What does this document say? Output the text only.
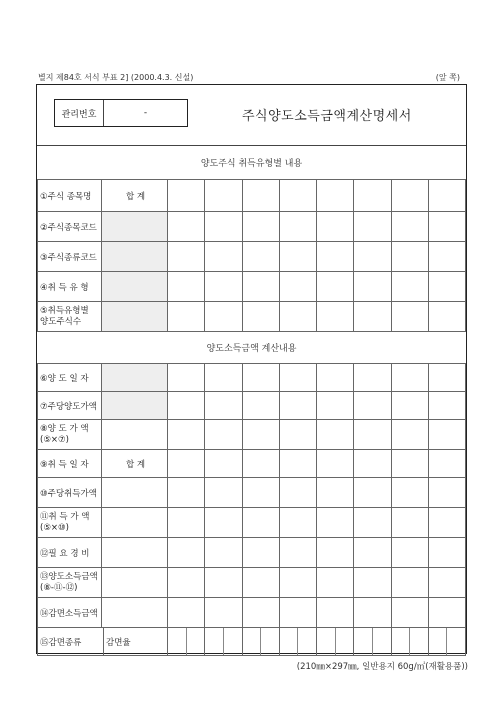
별지 제84호 서식 부표 2] (2000.4.3. 신설)	(앞 쪽)
관리번호	-	주식양도소득금액계산명세서
양도주식 취득유형별 내용
①주식 종목명	합 계								
②주식종목코드									
③주식종류코드									
④취 득 유 형									

⑤취득유형별
양도주식수									

양도소득금액 계산내용
⑥양 도 일 자									
⑦주당양도가액									

⑧양 도 가 액
(⑤×⑦)									

⑨취 득 일 자	합 계								
⑩주당취득가액									

⑪취 득 가 액
(⑤×⑩)									

⑫필 요 경 비									

⑬양도소득금액
(⑧-⑪-⑫)									

⑭감면소득금액									

⑮감면종류 감면율									

(210㎜×297㎜, 일반용지 60g/㎡(재활용품))
